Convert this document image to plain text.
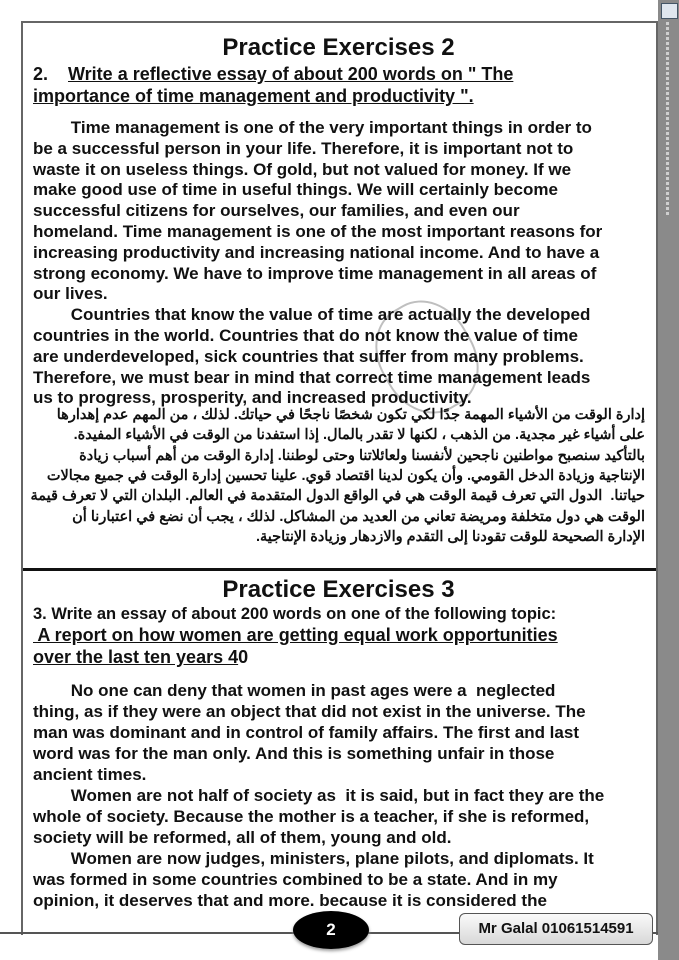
Practice Exercises 2
2.    Write a reflective essay of about 200 words on " The
importance of time management and productivity ".
Time management is one of the very important things in order to
be a successful person in your life. Therefore, it is important not to
waste it on useless things. Of gold, but not valued for money. If we
make good use of time in useful things. We will certainly become
successful citizens for ourselves, our families, and even our
homeland. Time management is one of the most important reasons for
increasing productivity and increasing national income. And to have a
strong economy. We have to improve time management in all areas of
our lives.
Countries that know the value of time are actually the developed
countries in the world. Countries that do not know the value of time
are underdeveloped, sick countries that suffer from many problems.
Therefore, we must bear in mind that correct time management leads
us to progress, prosperity, and increased productivity.
إدارة الوقت من الأشياء المهمة جدًا لكي تكون شخصًا ناجحًا في حياتك. لذلك ، من المهم عدم إهدارها
على أشياء غير مجدية. من الذهب ، لكنها لا تقدر بالمال. إذا استفدنا من الوقت في الأشياء المفيدة.
بالتأكيد سنصبح مواطنين ناجحين لأنفسنا ولعائلاتنا وحتى لوطننا. إدارة الوقت من أهم أسباب زيادة
الإنتاجية وزيادة الدخل القومي. وأن يكون لدينا اقتصاد قوي. علينا تحسين إدارة الوقت في جميع مجالات
حياتنا.  الدول التي تعرف قيمة الوقت هي في الواقع الدول المتقدمة في العالم. البلدان التي لا تعرف قيمة
الوقت هي دول متخلفة ومريضة تعاني من العديد من المشاكل. لذلك ، يجب أن نضع في اعتبارنا أن
الإدارة الصحيحة للوقت تقودنا إلى التقدم والازدهار وزيادة الإنتاجية.
Practice Exercises 3
3. Write an essay of about 200 words on one of the following topic:
A report on how women are getting equal work opportunities
over the last ten years 40
No one can deny that women in past ages were a  neglected
thing, as if they were an object that did not exist in the universe. The
man was dominant and in control of family affairs. The first and last
word was for the man only. And this is something unfair in those
ancient times.
Women are not half of society as  it is said, but in fact they are the
whole of society. Because the mother is a teacher, if she is reformed,
society will be reformed, all of them, young and old.
Women are now judges, ministers, plane pilots, and diplomats. It
was formed in some countries combined to be a state. And in my
opinion, it deserves that and more. because it is considered the
2	Mr Galal 01061514591
